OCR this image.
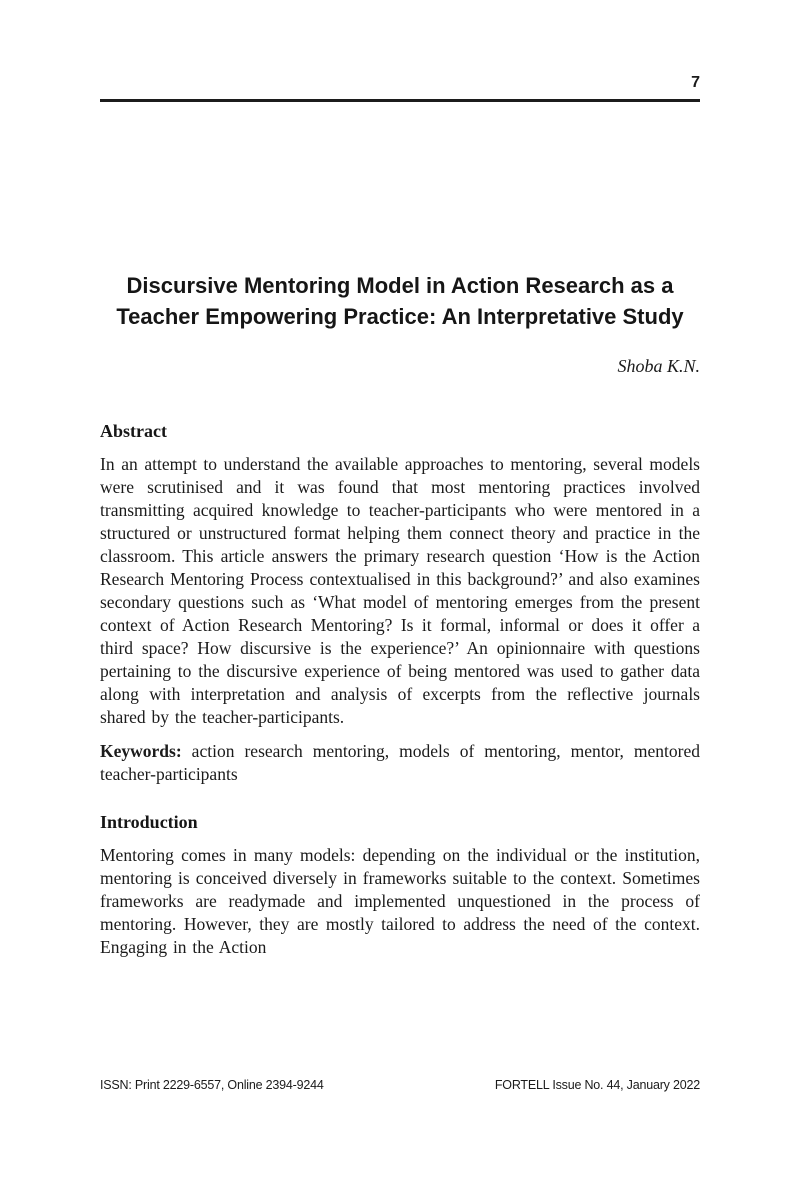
7
Discursive Mentoring Model in Action Research as a Teacher Empowering Practice: An Interpretative Study
Shoba K.N.
Abstract

In an attempt to understand the available approaches to mentoring, several models were scrutinised and it was found that most mentoring practices involved transmitting acquired knowledge to teacher-participants who were mentored in a structured or unstructured format helping them connect theory and practice in the classroom. This article answers the primary research question ‘How is the Action Research Mentoring Process contextualised in this background?’ and also examines secondary questions such as ‘What model of mentoring emerges from the present context of Action Research Mentoring? Is it formal, informal or does it offer a third space? How discursive is the experience?’ An opinionnaire with questions pertaining to the discursive experience of being mentored was used to gather data along with interpretation and analysis of excerpts from the reflective journals shared by the teacher-participants.

Keywords: action research mentoring, models of mentoring, mentor, mentored teacher-participants

Introduction

Mentoring comes in many models: depending on the individual or the institution, mentoring is conceived diversely in frameworks suitable to the context. Sometimes frameworks are readymade and implemented unquestioned in the process of mentoring. However, they are mostly tailored to address the need of the context. Engaging in the Action

ISSN: Print 2229-6557, Online 2394-9244	FORTELL Issue No. 44, January 2022
